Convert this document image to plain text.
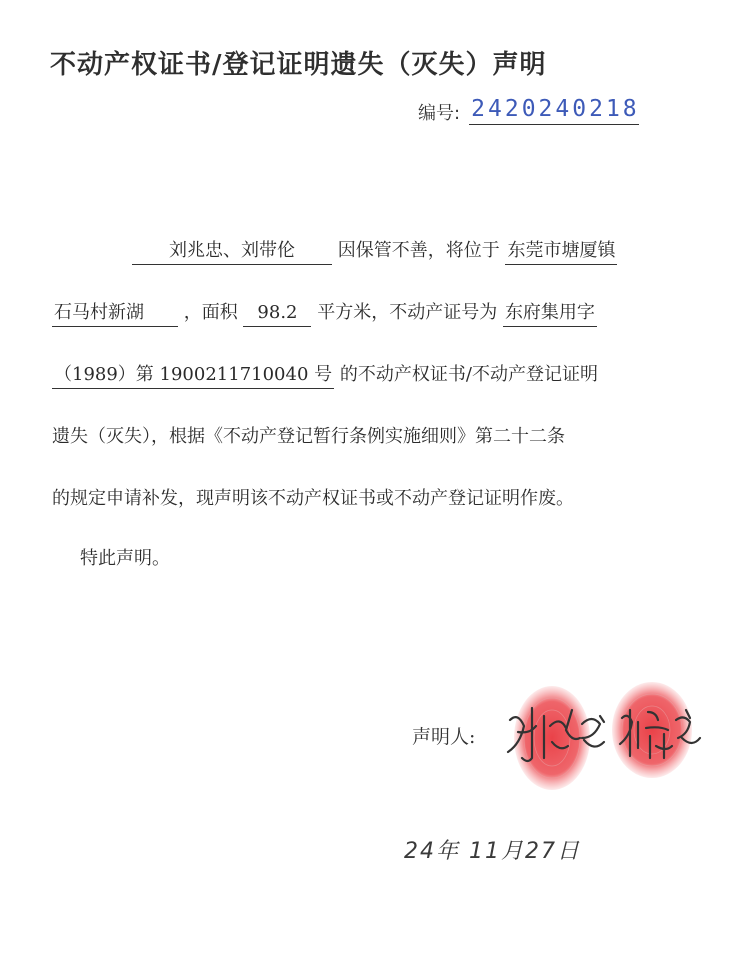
不动产权证书/登记证明遗失（灭失）声明
编号: 2420240218
刘兆忠、刘带伦 因保管不善，将位于 东莞市塘厦镇
石马村新湖 ，面积 98.2 平方米，不动产证号为 东府集用字
（1989）第 1900211710040 号 的不动产权证书/不动产登记证明
遗失（灭失），根据《不动产登记暂行条例实施细则》第二十二条
的规定申请补发，现声明该不动产权证书或不动产登记证明作废。
特此声明。
声明人:
24年 11月27日
